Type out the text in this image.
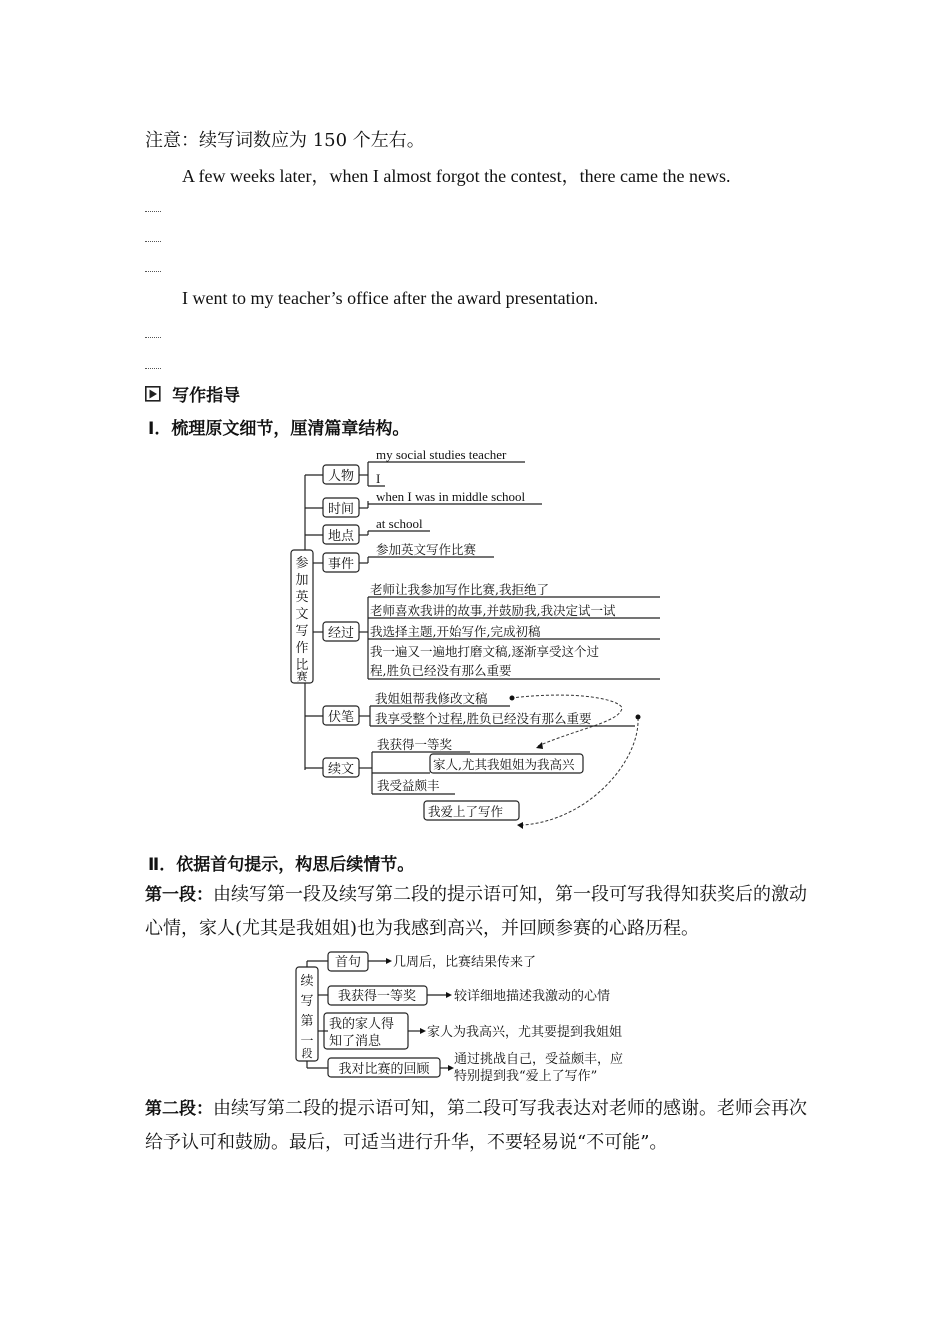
注意：续写词数应为 150 个左右。
A few weeks later，when I almost forgot the contest，there came the news.
I went to my teacher’s office after the award presentation.
写作指导
Ⅰ．梳理原文细节，厘清篇章结构。
参
加
英
文
写
作
比
赛
人物
时间
地点
事件
经过
伏笔
续文
my social studies teacher
I
when I was in middle school
at school
参加英文写作比赛
老师让我参加写作比赛,我拒绝了
老师喜欢我讲的故事,并鼓励我,我决定试一试
我选择主题,开始写作,完成初稿
我一遍又一遍地打磨文稿,逐渐享受这个过
程,胜负已经没有那么重要
我姐姐帮我修改文稿
我享受整个过程,胜负已经没有那么重要
我获得一等奖
家人,尤其我姐姐为我高兴
我受益颇丰
我爱上了写作
Ⅱ．依据首句提示，构思后续情节。
第一段：由续写第一段及续写第二段的提示语可知，第一段可写我得知获奖后的激动心情，家人(尤其是我姐姐)也为我感到高兴，并回顾参赛的心路历程。
续
写
第
一
段
首句 几周后，比赛结果传来了
我获得一等奖	较详细地描述我激动的心情
我的家人得
知了消息
家人为我高兴，尤其要提到我姐姐
我对比赛的回顾
通过挑战自己，受益颇丰，应
特别提到我“爱上了写作”
第二段：由续写第二段的提示语可知，第二段可写我表达对老师的感谢。老师会再次给予认可和鼓励。最后，可适当进行升华，不要轻易说“不可能”。
